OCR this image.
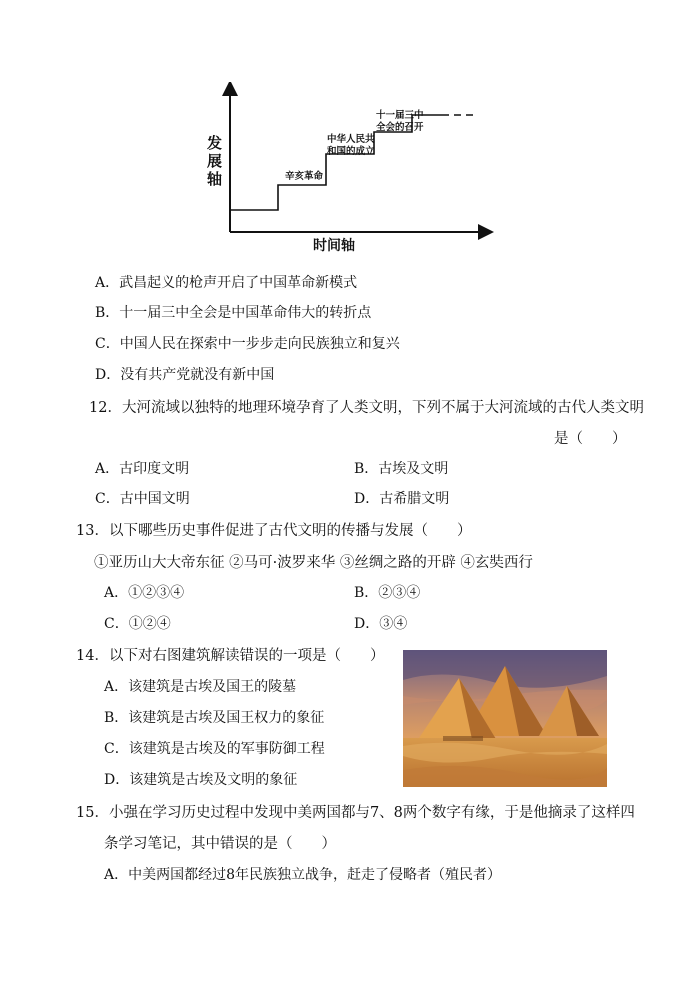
发
展
轴
时间轴
辛亥革命
中华人民共
和国的成立
十一届三中
全会的召开
A．武昌起义的枪声开启了中国革命新模式
B．十一届三中全会是中国革命伟大的转折点
C．中国人民在探索中一步步走向民族独立和复兴
D．没有共产党就没有新中国
12．大河流域以独特的地理环境孕育了人类文明，下列不属于大河流域的古代人类文明
是（　　）
A．古印度文明	B．古埃及文明
C．古中国文明	D．古希腊文明
13．以下哪些历史事件促进了古代文明的传播与发展（　　）
①亚历山大大帝东征 ②马可·波罗来华 ③丝绸之路的开辟 ④玄奘西行
A．①②③④	B．②③④
C．①②④	D．③④
14．以下对右图建筑解读错误的一项是（　　）
A．该建筑是古埃及国王的陵墓
B．该建筑是古埃及国王权力的象征
C．该建筑是古埃及的军事防御工程
D．该建筑是古埃及文明的象征
15．小强在学习历史过程中发现中美两国都与7、8两个数字有缘，于是他摘录了这样四
条学习笔记，其中错误的是（　　）
A．中美两国都经过8年民族独立战争，赶走了侵略者（殖民者）
